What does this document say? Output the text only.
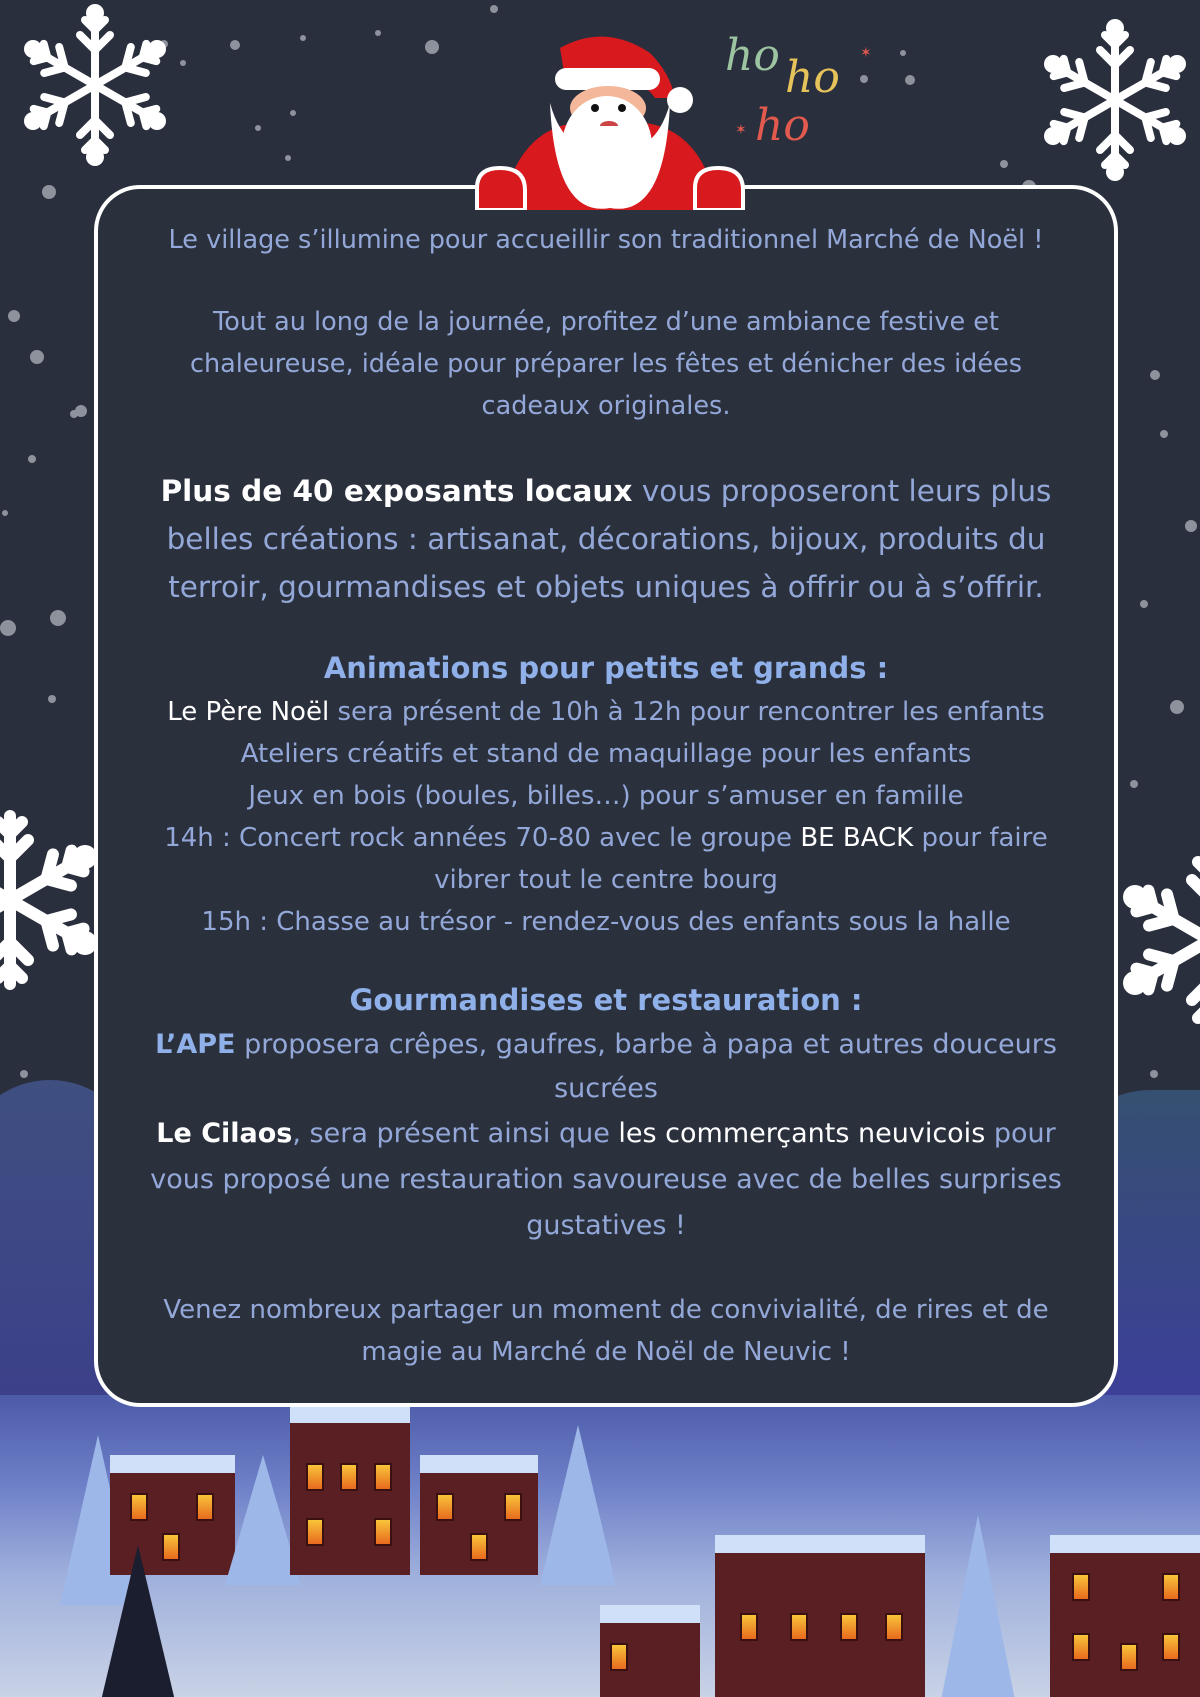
ho ho
ho
✶
✶

Le village s’illumine pour accueillir son traditionnel Marché de Noël !

Tout au long de la journée, profitez d’une ambiance festive et

chaleureuse, idéale pour préparer les fêtes et dénicher des idées

cadeaux originales.

Plus de 40 exposants locaux vous proposeront leurs plus

belles créations : artisanat, décorations, bijoux, produits du

terroir, gourmandises et objets uniques à offrir ou à s’offrir.

Animations pour petits et grands :

Le Père Noël sera présent de 10h à 12h pour rencontrer les enfants

Ateliers créatifs et stand de maquillage pour les enfants

Jeux en bois (boules, billes…) pour s’amuser en famille

14h : Concert rock années 70-80 avec le groupe BE BACK pour faire

vibrer tout le centre bourg

15h : Chasse au trésor - rendez-vous des enfants sous la halle

Gourmandises et restauration :

L’APE proposera crêpes, gaufres, barbe à papa et autres douceurs

sucrées

Le Cilaos, sera présent ainsi que les commerçants neuvicois pour

vous proposé une restauration savoureuse avec de belles surprises

gustatives !

Venez nombreux partager un moment de convivialité, de rires et de

magie au Marché de Noël de Neuvic !
